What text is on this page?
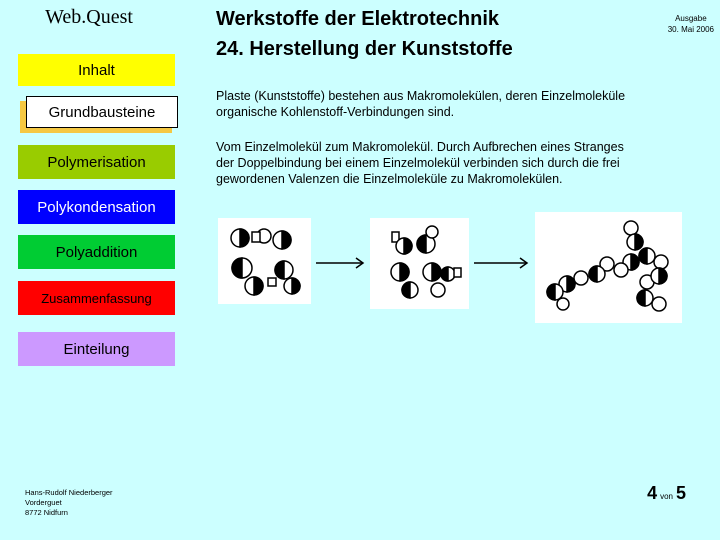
Web.Quest	Werkstoffe der Elektrotechnik
24. Herstellung der Kunststoffe
Ausgabe
30. Mai 2006
Inhalt
Grundbausteine
Polymerisation
Polykondensation
Polyaddition
Zusammenfassung
Einteilung
Plaste (Kunststoffe) bestehen aus Makromolekülen, deren Einzelmoleküle organische Kohlenstoff-Verbindungen sind.
Vom Einzelmolekül zum Makromolekül. Durch Aufbrechen eines Stranges der Doppelbindung bei einem Einzelmolekül verbinden sich durch die frei gewordenen Valenzen die Einzelmoleküle zu Makromolekülen.
Hans-Rudolf Niederberger
Vorderguet
8772 Nidfurn
4 von 5
